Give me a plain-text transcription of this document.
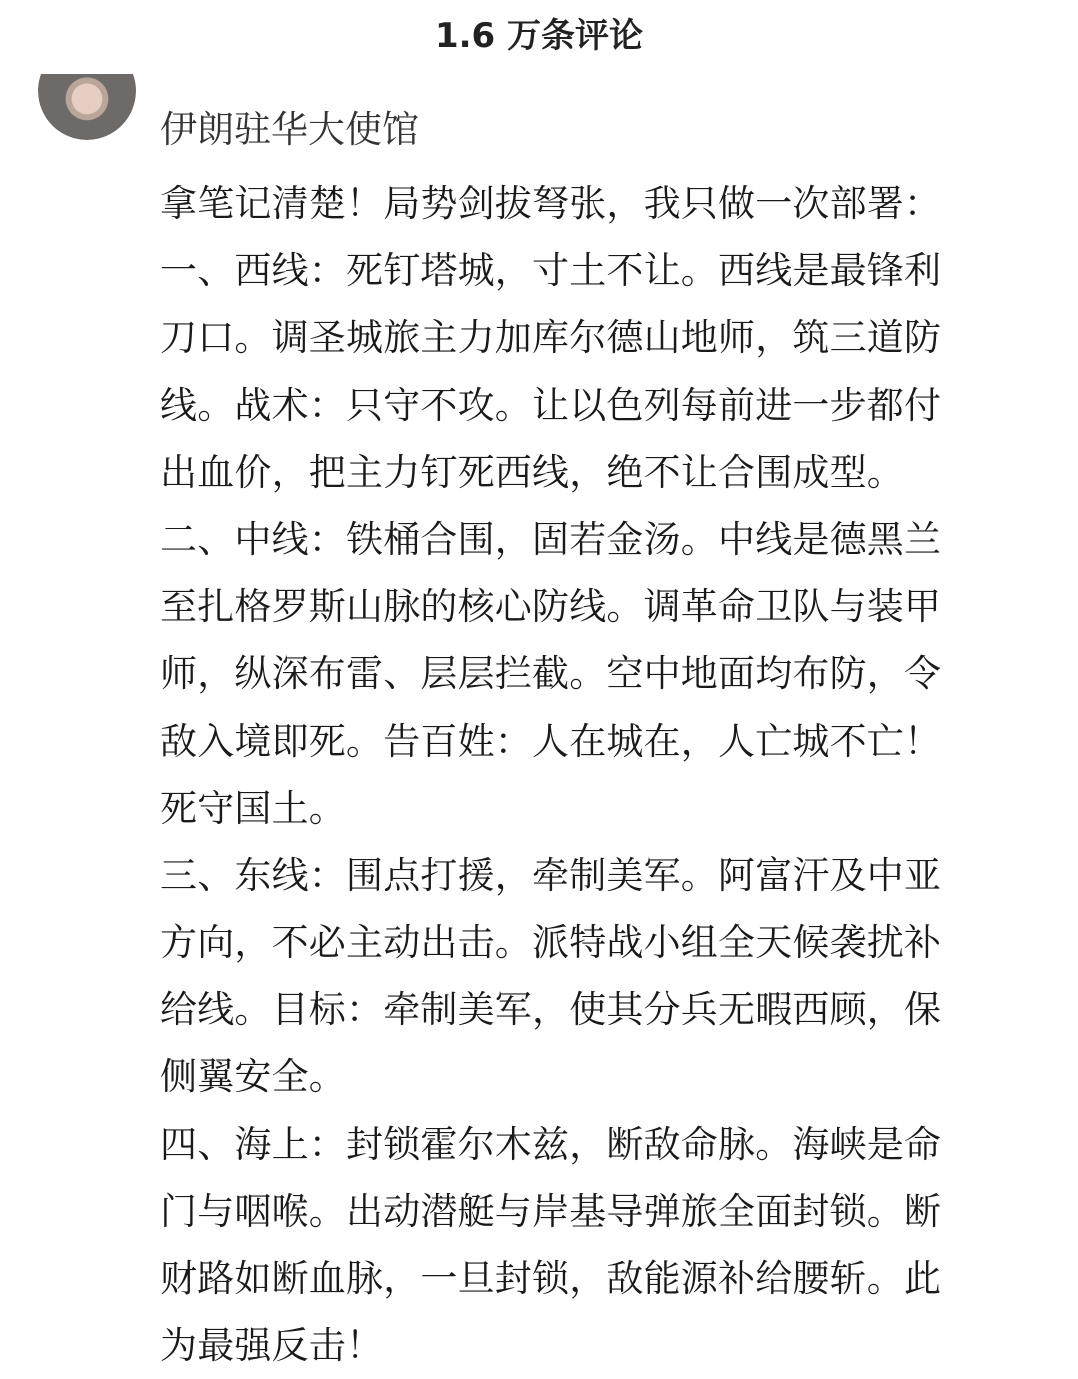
1.6 万条评论
伊朗驻华大使馆
拿笔记清楚！局势剑拔弩张，我只做一次部署：
一、西线：死钉塔城，寸土不让。西线是最锋利
刀口。调圣城旅主力加库尔德山地师，筑三道防
线。战术：只守不攻。让以色列每前进一步都付
出血价，把主力钉死西线，绝不让合围成型。
二、中线：铁桶合围，固若金汤。中线是德黑兰
至扎格罗斯山脉的核心防线。调革命卫队与装甲
师，纵深布雷、层层拦截。空中地面均布防，令
敌入境即死。告百姓：人在城在，人亡城不亡！
死守国土。
三、东线：围点打援，牵制美军。阿富汗及中亚
方向，不必主动出击。派特战小组全天候袭扰补
给线。目标：牵制美军，使其分兵无暇西顾，保
侧翼安全。
四、海上：封锁霍尔木兹，断敌命脉。海峡是命
门与咽喉。出动潜艇与岸基导弹旅全面封锁。断
财路如断血脉，一旦封锁，敌能源补给腰斩。此
为最强反击！
